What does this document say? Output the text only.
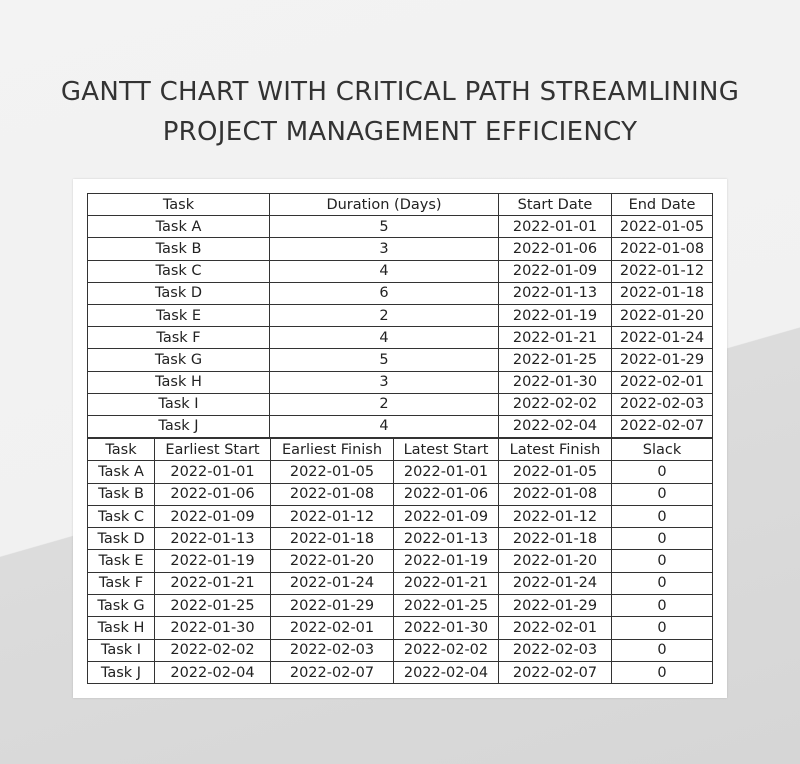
GANTT CHART WITH CRITICAL PATH STREAMLINING
PROJECT MANAGEMENT EFFICIENCY
Task	Duration (Days)	Start Date	End Date
Task A	5	2022-01-01	2022-01-05
Task B	3	2022-01-06	2022-01-08
Task C	4	2022-01-09	2022-01-12
Task D	6	2022-01-13	2022-01-18
Task E	2	2022-01-19	2022-01-20
Task F	4	2022-01-21	2022-01-24
Task G	5	2022-01-25	2022-01-29
Task H	3	2022-01-30	2022-02-01
Task I	2	2022-02-02	2022-02-03
Task J	4	2022-02-04	2022-02-07
Task	Earliest Start	Earliest Finish	Latest Start	Latest Finish	Slack
Task A	2022-01-01	2022-01-05	2022-01-01	2022-01-05	0
Task B	2022-01-06	2022-01-08	2022-01-06	2022-01-08	0
Task C	2022-01-09	2022-01-12	2022-01-09	2022-01-12	0
Task D	2022-01-13	2022-01-18	2022-01-13	2022-01-18	0
Task E	2022-01-19	2022-01-20	2022-01-19	2022-01-20	0
Task F	2022-01-21	2022-01-24	2022-01-21	2022-01-24	0
Task G	2022-01-25	2022-01-29	2022-01-25	2022-01-29	0
Task H	2022-01-30	2022-02-01	2022-01-30	2022-02-01	0
Task I	2022-02-02	2022-02-03	2022-02-02	2022-02-03	0
Task J	2022-02-04	2022-02-07	2022-02-04	2022-02-07	0
